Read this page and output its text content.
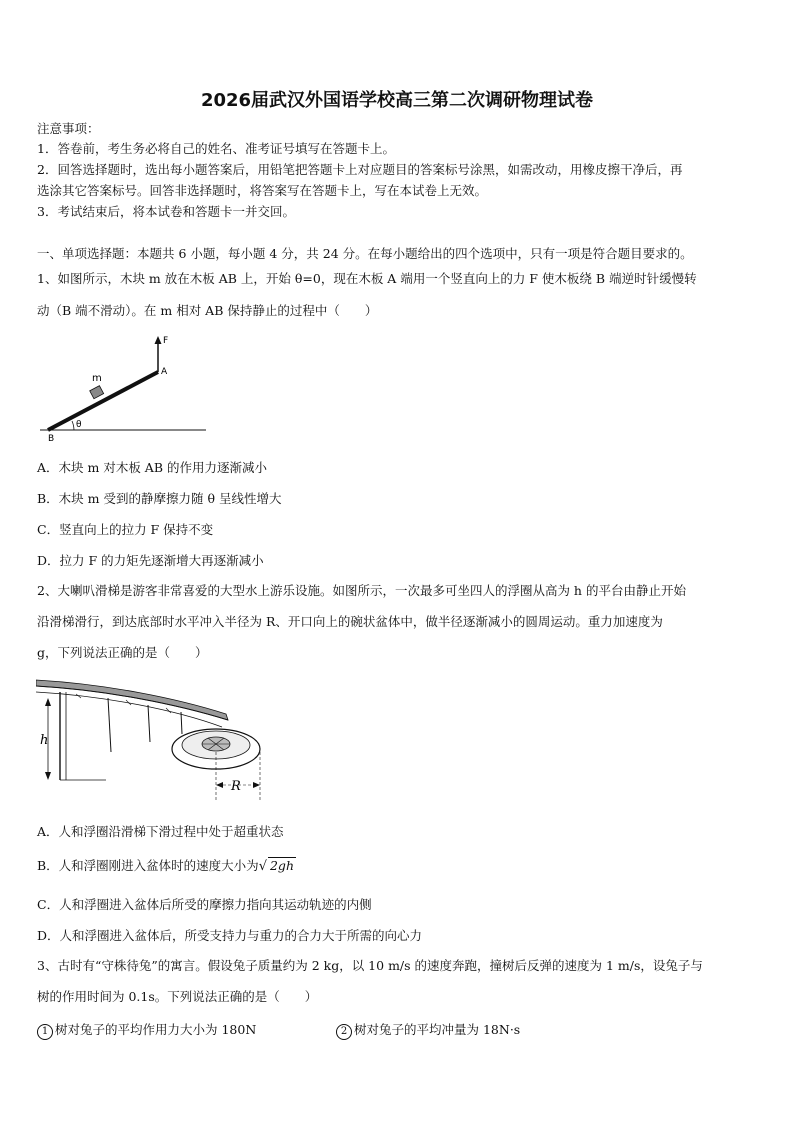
2026届武汉外国语学校高三第二次调研物理试卷
注意事项：
1．答卷前，考生务必将自己的姓名、准考证号填写在答题卡上。
2．回答选择题时，选出每小题答案后，用铅笔把答题卡上对应题目的答案标号涂黑，如需改动，用橡皮擦干净后，再
选涂其它答案标号。回答非选择题时，将答案写在答题卡上，写在本试卷上无效。
3．考试结束后，将本试卷和答题卡一并交回。
一、单项选择题：本题共 6 小题，每小题 4 分，共 24 分。在每小题给出的四个选项中，只有一项是符合题目要求的。
1、如图所示，木块 m 放在木板 AB 上，开始 θ=0，现在木板 A 端用一个竖直向上的力 F 使木板绕 B 端逆时针缓慢转
动（B 端不滑动）。在 m 相对 AB 保持静止的过程中（　　）
F
A
m
B
θ
A．木块 m 对木板 AB 的作用力逐渐减小
B．木块 m 受到的静摩擦力随 θ 呈线性增大
C．竖直向上的拉力 F 保持不变
D．拉力 F 的力矩先逐渐增大再逐渐减小
2、大喇叭滑梯是游客非常喜爱的大型水上游乐设施。如图所示，一次最多可坐四人的浮圈从高为 h 的平台由静止开始
沿滑梯滑行，到达底部时水平冲入半径为 R、开口向上的碗状盆体中，做半径逐渐减小的圆周运动。重力加速度为
g，下列说法正确的是（　　）
h
R
A．人和浮圈沿滑梯下滑过程中处于超重状态
B．人和浮圈刚进入盆体时的速度大小为√ 2gh
C．人和浮圈进入盆体后所受的摩擦力指向其运动轨迹的内侧
D．人和浮圈进入盆体后，所受支持力与重力的合力大于所需的向心力
3、古时有“守株待兔”的寓言。假设兔子质量约为 2 kg，以 10 m/s 的速度奔跑，撞树后反弹的速度为 1 m/s，设兔子与
树的作用时间为 0.1s。下列说法正确的是（　　）
1 树对兔子的平均作用力大小为 180N	2 树对兔子的平均冲量为 18N·s
